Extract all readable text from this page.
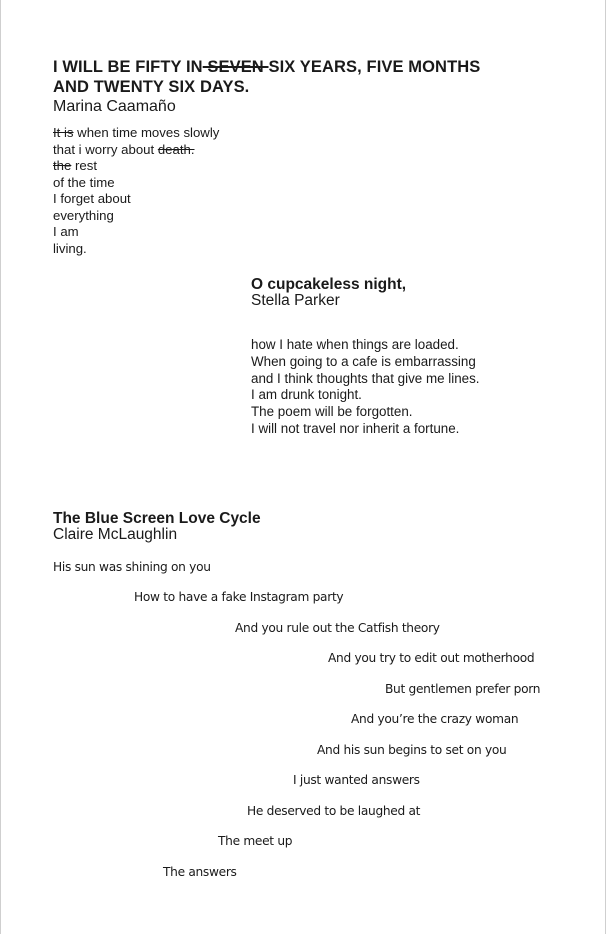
I WILL BE FIFTY IN SEVEN SIX YEARS, FIVE MONTHS
AND TWENTY SIX DAYS.
Marina Caamaño
It is when time moves slowly
that i worry about death.
the rest
of the time
I forget about
everything
I am
living.
O cupcakeless night,
Stella Parker
how I hate when things are loaded.
When going to a cafe is embarrassing
and I think thoughts that give me lines.
I am drunk tonight.
The poem will be forgotten.
I will not travel nor inherit a fortune.
The Blue Screen Love Cycle
Claire McLaughlin
His sun was shining on you
How to have a fake Instagram party
And you rule out the Catfish theory
And you try to edit out motherhood
But gentlemen prefer porn
And you’re the crazy woman
And his sun begins to set on you
I just wanted answers
He deserved to be laughed at
The meet up
The answers
